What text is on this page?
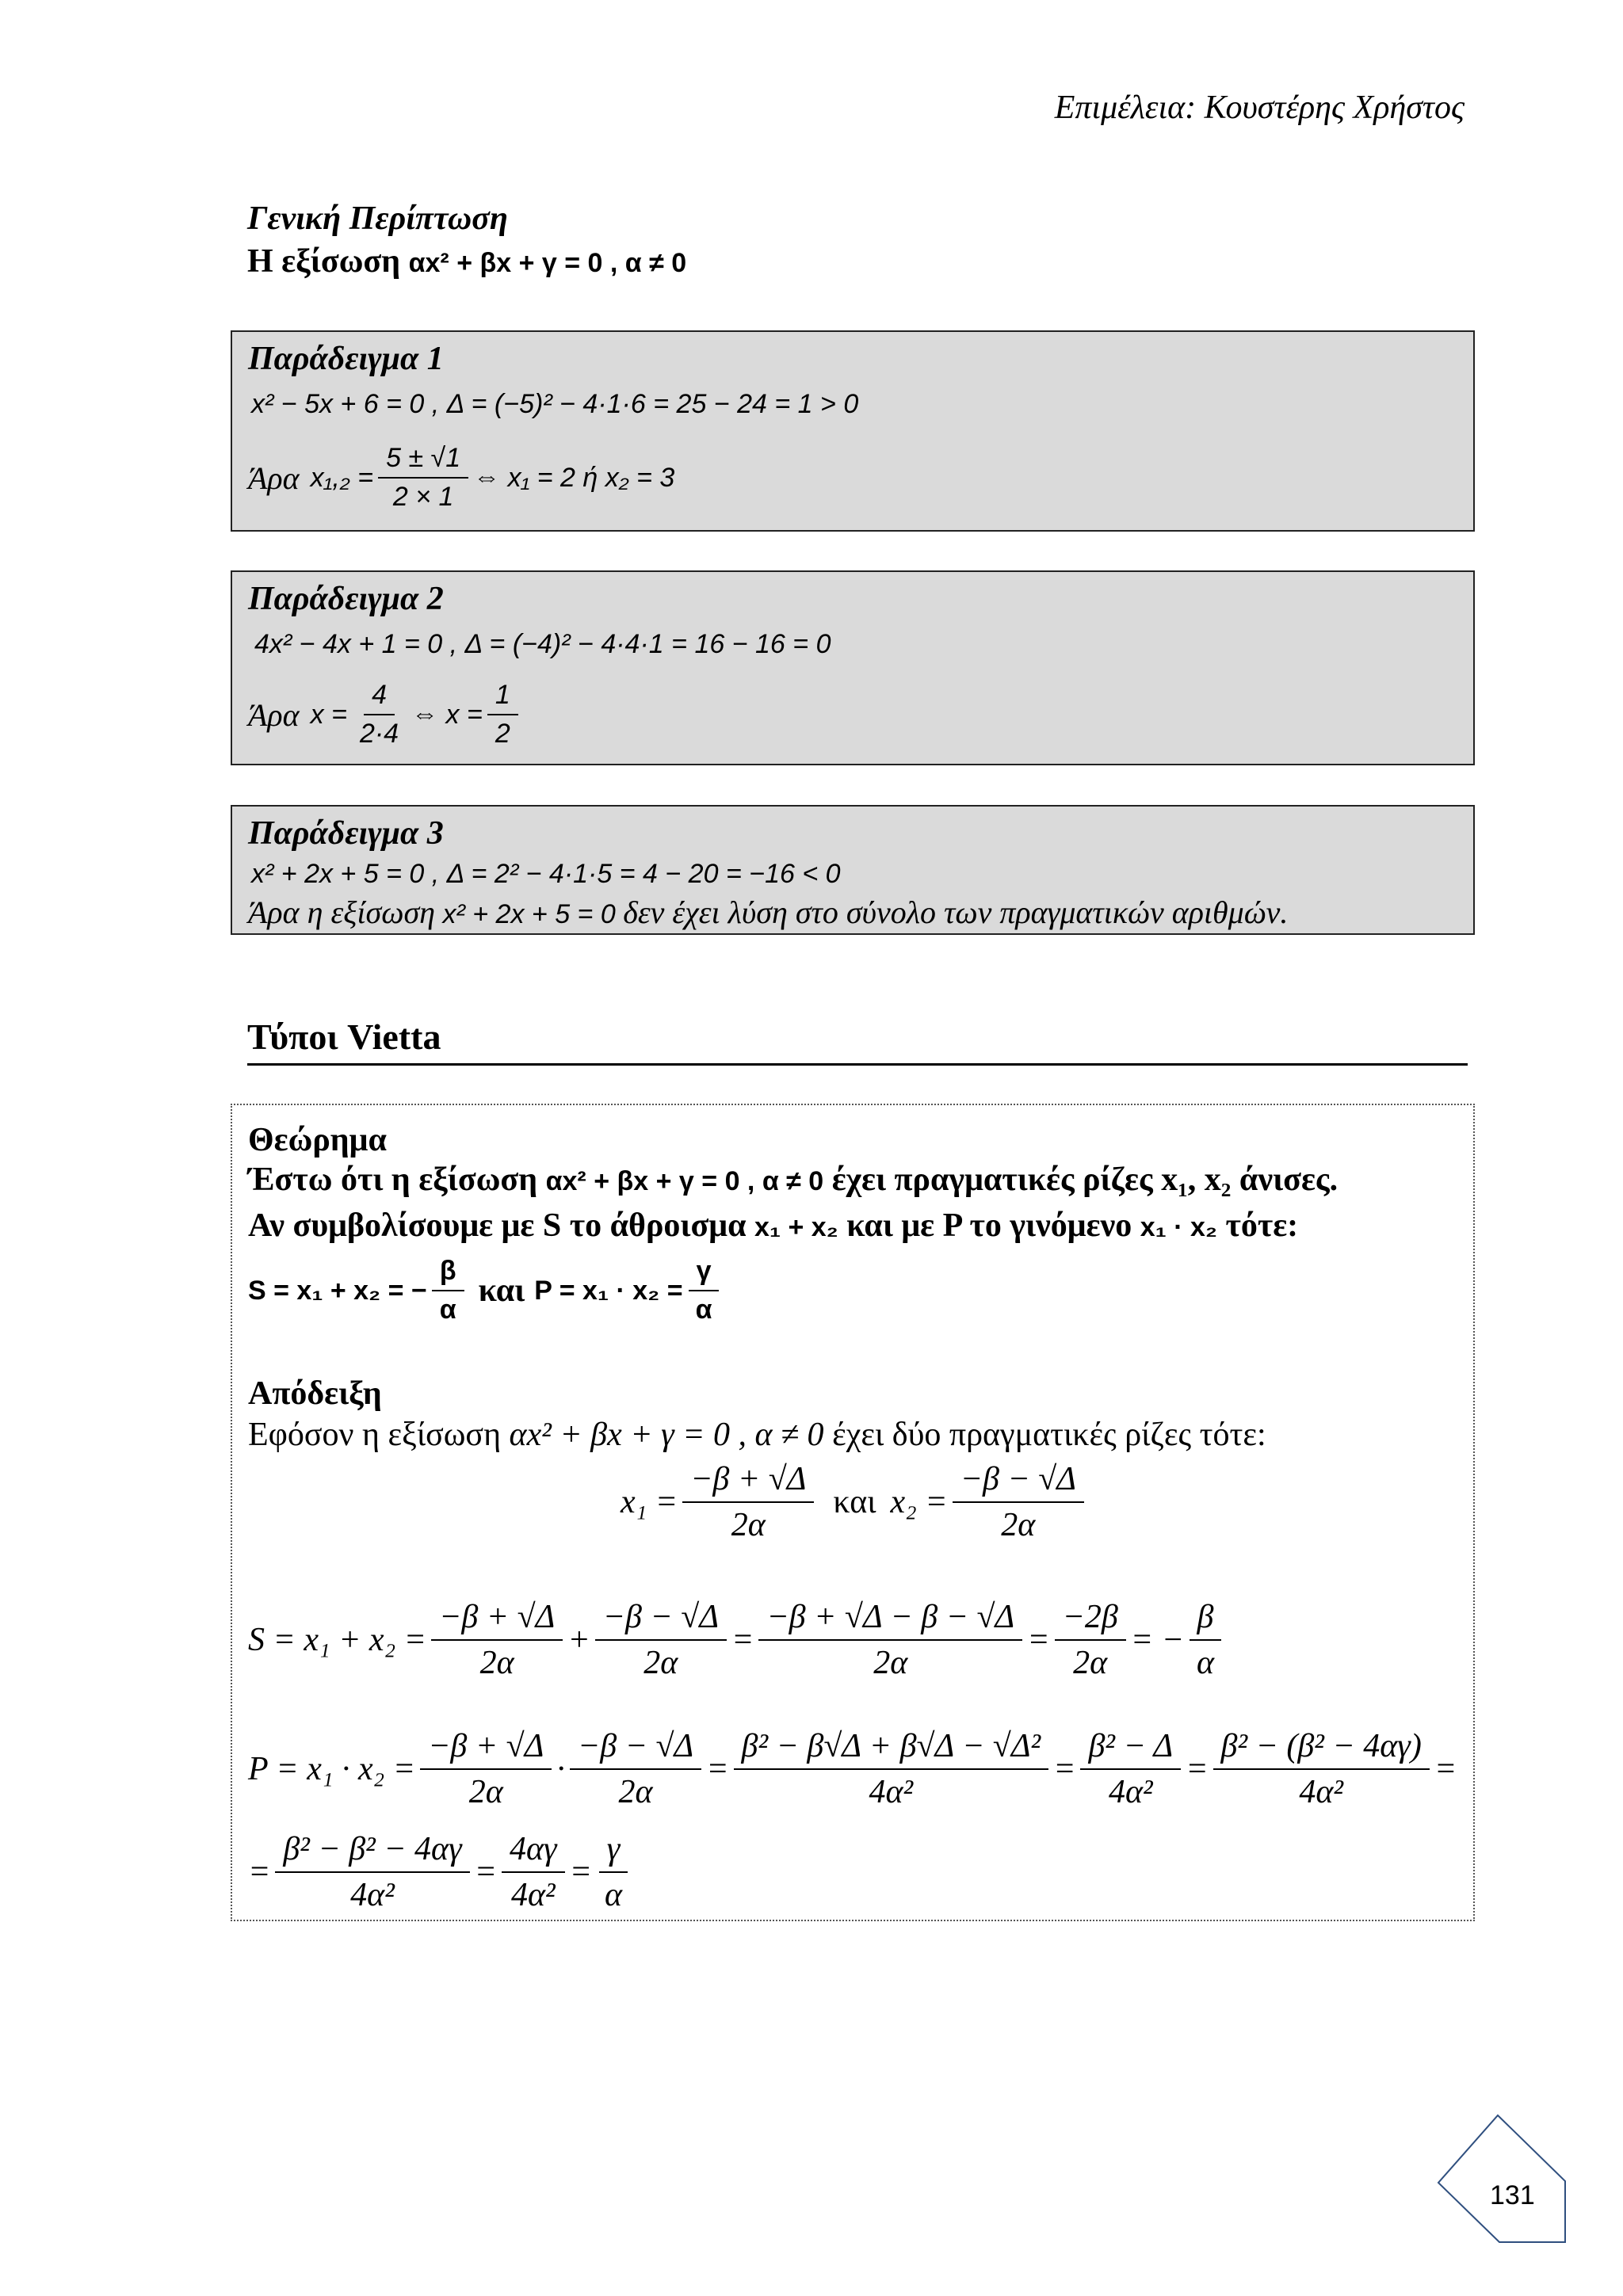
Επιμέλεια: Κουστέρης Χρήστος
Γενική Περίπτωση
Η εξίσωση αx² + βx + γ = 0 , α ≠ 0
Παράδειγμα 1
x² − 5x + 6 = 0 , Δ = (−5)² − 4·1·6 = 25 − 24 = 1 > 0
Άρα $x_1,_2 = \frac{5 \pm √1}{2 \times 1}$ ⇔ x₁ = 2 ή x₂ = 3
Παράδειγμα 2
4x² − 4x + 1 = 0 , Δ = (−4)² − 4·4·1 = 16 − 16 = 0
Άρα $x = \frac{4}{2\cdot 4}$ ⇔ $x = \frac{1}{2}$
Παράδειγμα 3
x² + 2x + 5 = 0 , Δ = 2² − 4·1·5 = 4 − 20 = −16 < 0
Άρα η εξίσωση x² + 2x + 5 = 0 δεν έχει λύση στο σύνολο των πραγματικών αριθμών.
Τύποι Vietta
Θεώρημα
Έστω ότι η εξίσωση αx² + βx + γ = 0 , α ≠ 0 έχει πραγματικές ρίζες x₁, x₂ άνισες.
Αν συμβολίσουμε με S το άθροισμα x₁ + x₂ και με P το γινόμενο x₁ · x₂ τότε:
S = x₁ + x₂ = − $\frac{\beta}{\alpha}$ και $P = x_1 \cdot x_2 = \frac{\gamma}{\alpha}$
Απόδειξη
Εφόσον η εξίσωση αx² + βx + γ = 0 , α ≠ 0 έχει δύο πραγματικές ρίζες τότε:
$x_1 = \frac{-\beta + √\Delta}{2\alpha}$ και $x_2 = \frac{-\beta - √\Delta}{2\alpha}$
$S = x_1 + x_2 = \frac{-\beta + √\Delta}{2\alpha} + \frac{-\beta - √\Delta}{2\alpha} = \frac{-\beta + √\Delta - \beta - √\Delta}{2\alpha} = \frac{-2\beta}{2\alpha}$ = − $\frac{\beta}{\alpha}$
$P = x_1 \cdot x_2 = \frac{-\beta + √\Delta}{2\alpha} \cdot \frac{-\beta - √\Delta}{2\alpha} = \frac{\text{β² − β√Δ + β√Δ − √Δ²}}{\text{4α²}} = \frac{\text{β² − Δ}}{\text{4α²}} = \frac{\text{β² − (β² − 4αγ)}}{\text{4α²}}$ =
= $\frac{\text{β² − β² − 4αγ}}{\text{4α²}} = \frac{4\alpha\gamma}{\text{4α²}} = \frac{\gamma}{\alpha}$
131
